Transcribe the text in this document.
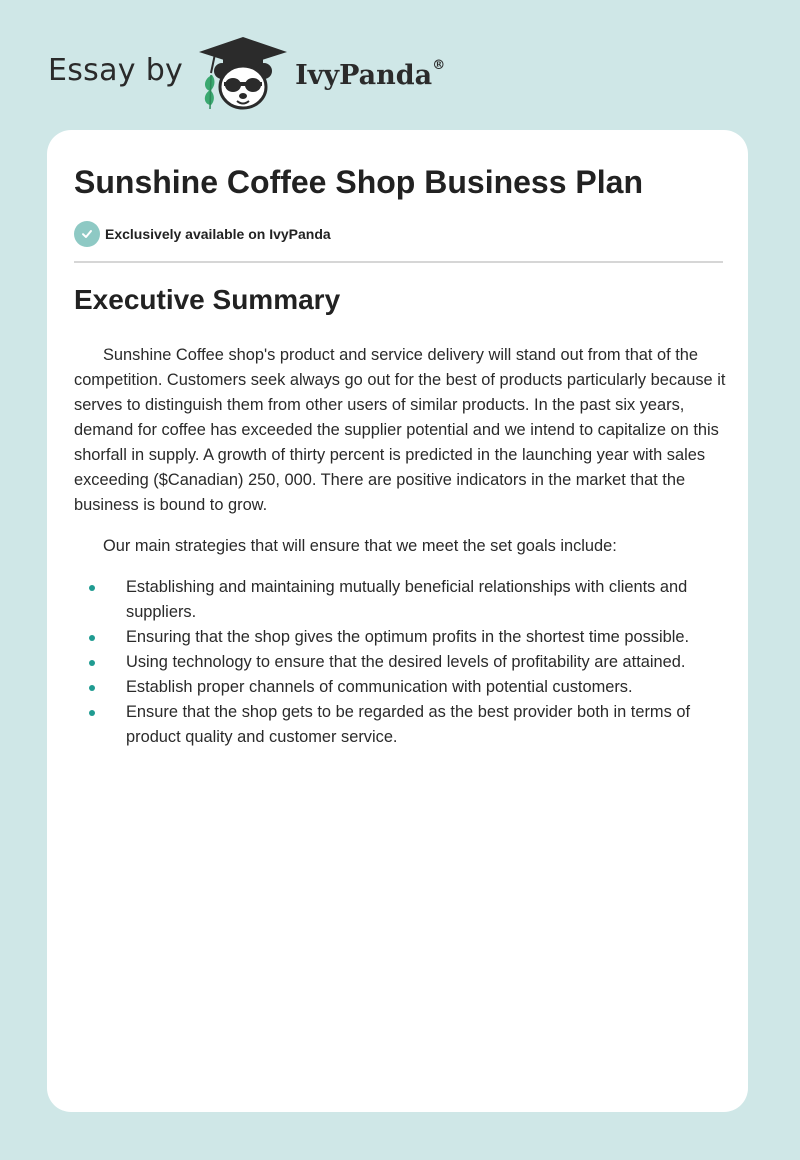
Essay by	IvyPanda®
Sunshine Coffee Shop Business Plan
Exclusively available on IvyPanda
Executive Summary

Sunshine Coffee shop's product and service delivery will stand out from that of the competition. Customers seek always go out for the best of products particularly because it serves to distinguish them from other users of similar products. In the past six years, demand for coffee has exceeded the supplier potential and we intend to capitalize on this shorfall in supply. A growth of thirty percent is predicted in the launching year with sales exceeding ($Canadian) 250, 000. There are positive indicators in the market that the business is bound to grow.

Our main strategies that will ensure that we meet the set goals include:

Establishing and maintaining mutually beneficial relationships with clients and suppliers.
Ensuring that the shop gives the optimum profits in the shortest time possible.
Using technology to ensure that the desired levels of profitability are attained.
Establish proper channels of communication with potential customers.
Ensure that the shop gets to be regarded as the best provider both in terms of product quality and customer service.
